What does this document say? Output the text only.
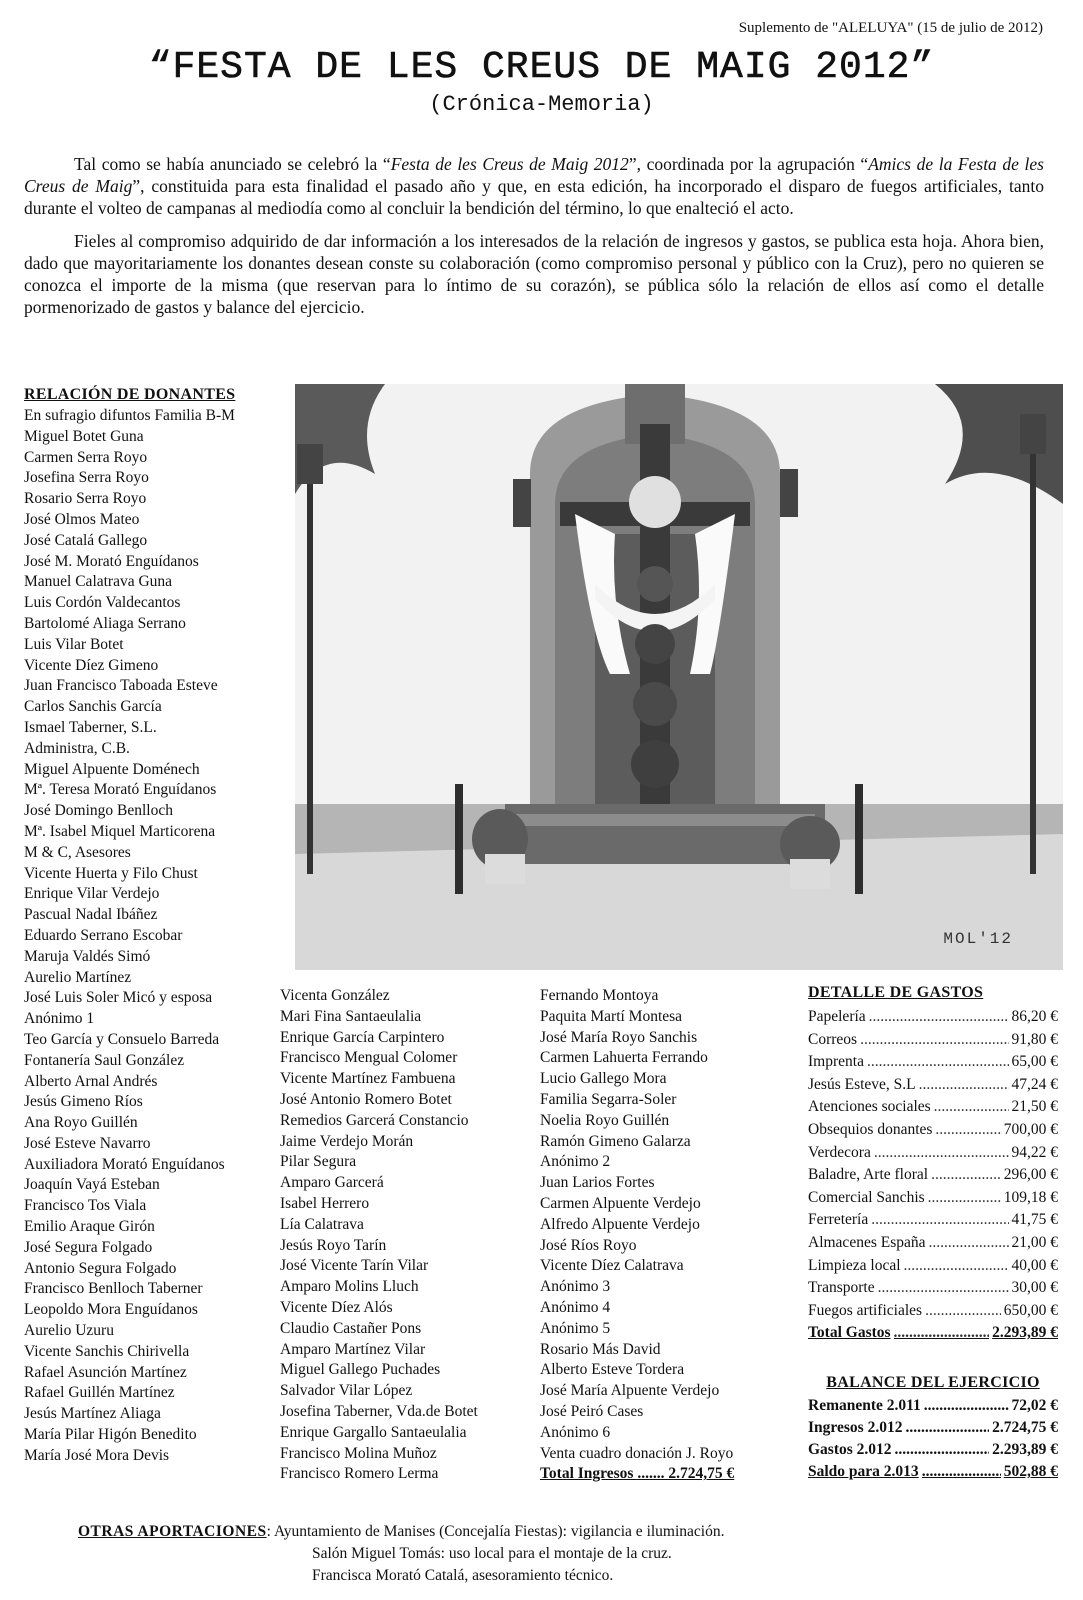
Suplemento de "ALELUYA" (15 de julio de 2012)
“FESTA DE LES CREUS DE MAIG 2012”
(Crónica-Memoria)

Tal como se había anunciado se celebró la “Festa de les Creus de Maig 2012”, coordinada por la agrupación “Amics de la Festa de les Creus de Maig”, constituida para esta finalidad el pasado año y que, en esta edición, ha incorporado el disparo de fuegos artificiales, tanto durante el volteo de campanas al mediodía como al concluir la bendición del término, lo que enalteció el acto.

Fieles al compromiso adquirido de dar información a los interesados de la relación de ingresos y gastos, se publica esta hoja. Ahora bien, dado que mayoritariamente los donantes desean conste su colaboración (como compromiso personal y público con la Cruz), pero no quieren se conozca el importe de la misma (que reservan para lo íntimo de su corazón), se pública sólo la relación de ellos así como el detalle pormenorizado de gastos y balance del ejercicio.

RELACIÓN DE DONANTES
En sufragio difuntos Familia B-M
Miguel Botet Guna
Carmen Serra Royo
Josefina Serra Royo
Rosario Serra Royo
José Olmos Mateo
José Catalá Gallego
José M. Morató Enguídanos
Manuel Calatrava Guna
Luis Cordón Valdecantos
Bartolomé Aliaga Serrano
Luis Vilar Botet
Vicente Díez Gimeno
Juan Francisco Taboada Esteve
Carlos Sanchis García
Ismael Taberner, S.L.
Administra, C.B.
Miguel Alpuente Doménech
Mª. Teresa Morató Enguídanos
José Domingo Benlloch
Mª. Isabel Miquel Marticorena
M & C, Asesores
Vicente Huerta y Filo Chust
Enrique Vilar Verdejo
Pascual Nadal Ibáñez
Eduardo Serrano Escobar
Maruja Valdés Simó
Aurelio Martínez
José Luis Soler Micó y esposa
Anónimo 1
Teo García y Consuelo Barreda
Fontanería Saul González
Alberto Arnal Andrés
Jesús Gimeno Ríos
Ana Royo Guillén
José Esteve Navarro
Auxiliadora Morató Enguídanos
Joaquín Vayá Esteban
Francisco Tos Viala
Emilio Araque Girón
José Segura Folgado
Antonio Segura Folgado
Francisco Benlloch Taberner
Leopoldo Mora Enguídanos
Aurelio Uzuru
Vicente Sanchis Chirivella
Rafael Asunción Martínez
Rafael Guillén Martínez
Jesús Martínez Aliaga
María Pilar Higón Benedito
María José Mora Devis
Vicenta González
Mari Fina Santaeulalia
Enrique García Carpintero
Francisco Mengual Colomer
Vicente Martínez Fambuena
José Antonio Romero Botet
Remedios Garcerá Constancio
Jaime Verdejo Morán
Pilar Segura
Amparo Garcerá
Isabel Herrero
Lía Calatrava
Jesús Royo Tarín
José Vicente Tarín Vilar
Amparo Molins Lluch
Vicente Díez Alós
Claudio Castañer Pons
Amparo Martínez Vilar
Miguel Gallego Puchades
Salvador Vilar López
Josefina Taberner, Vda.de Botet
Enrique Gargallo Santaeulalia
Francisco Molina Muñoz
Francisco Romero Lerma
Fernando Montoya
Paquita Martí Montesa
José María Royo Sanchis
Carmen Lahuerta Ferrando
Lucio Gallego Mora
Familia Segarra-Soler
Noelia Royo Guillén
Ramón Gimeno Galarza
Anónimo 2
Juan Larios Fortes
Carmen Alpuente Verdejo
Alfredo Alpuente Verdejo
José Ríos Royo
Vicente Díez Calatrava
Anónimo 3
Anónimo 4
Anónimo 5
Rosario Más David
Alberto Esteve Tordera
José María Alpuente Verdejo
José Peiró Cases
Anónimo 6
Venta cuadro donación J. Royo
Total Ingresos ....... 2.724,75 €
MOL'12
DETALLE DE GASTOS
Papelería .....	86,20 €
Correos .....	91,80 €
Imprenta .....	65,00 €
Jesús Esteve, S.L .....	47,24 €
Atenciones sociales .....	21,50 €
Obsequios donantes .....	700,00 €
Verdecora .....	94,22 €
Baladre, Arte floral .....	296,00 €
Comercial Sanchis .....	109,18 €
Ferretería .....	41,75 €
Almacenes España .....	21,00 €
Limpieza local .....	40,00 €
Transporte .....	30,00 €
Fuegos artificiales .....	650,00 €
Total Gastos .....	2.293,89 €
BALANCE DEL EJERCICIO
Remanente 2.011 .....	72,02 €
Ingresos 2.012 .....	2.724,75 €
Gastos 2.012 .....	2.293,89 €
Saldo para 2.013 .....	502,88 €
OTRAS APORTACIONES: Ayuntamiento de Manises (Concejalía Fiestas): vigilancia e iluminación.
Salón Miguel Tomás: uso local para el montaje de la cruz.
Francisca Morató Catalá, asesoramiento técnico.
